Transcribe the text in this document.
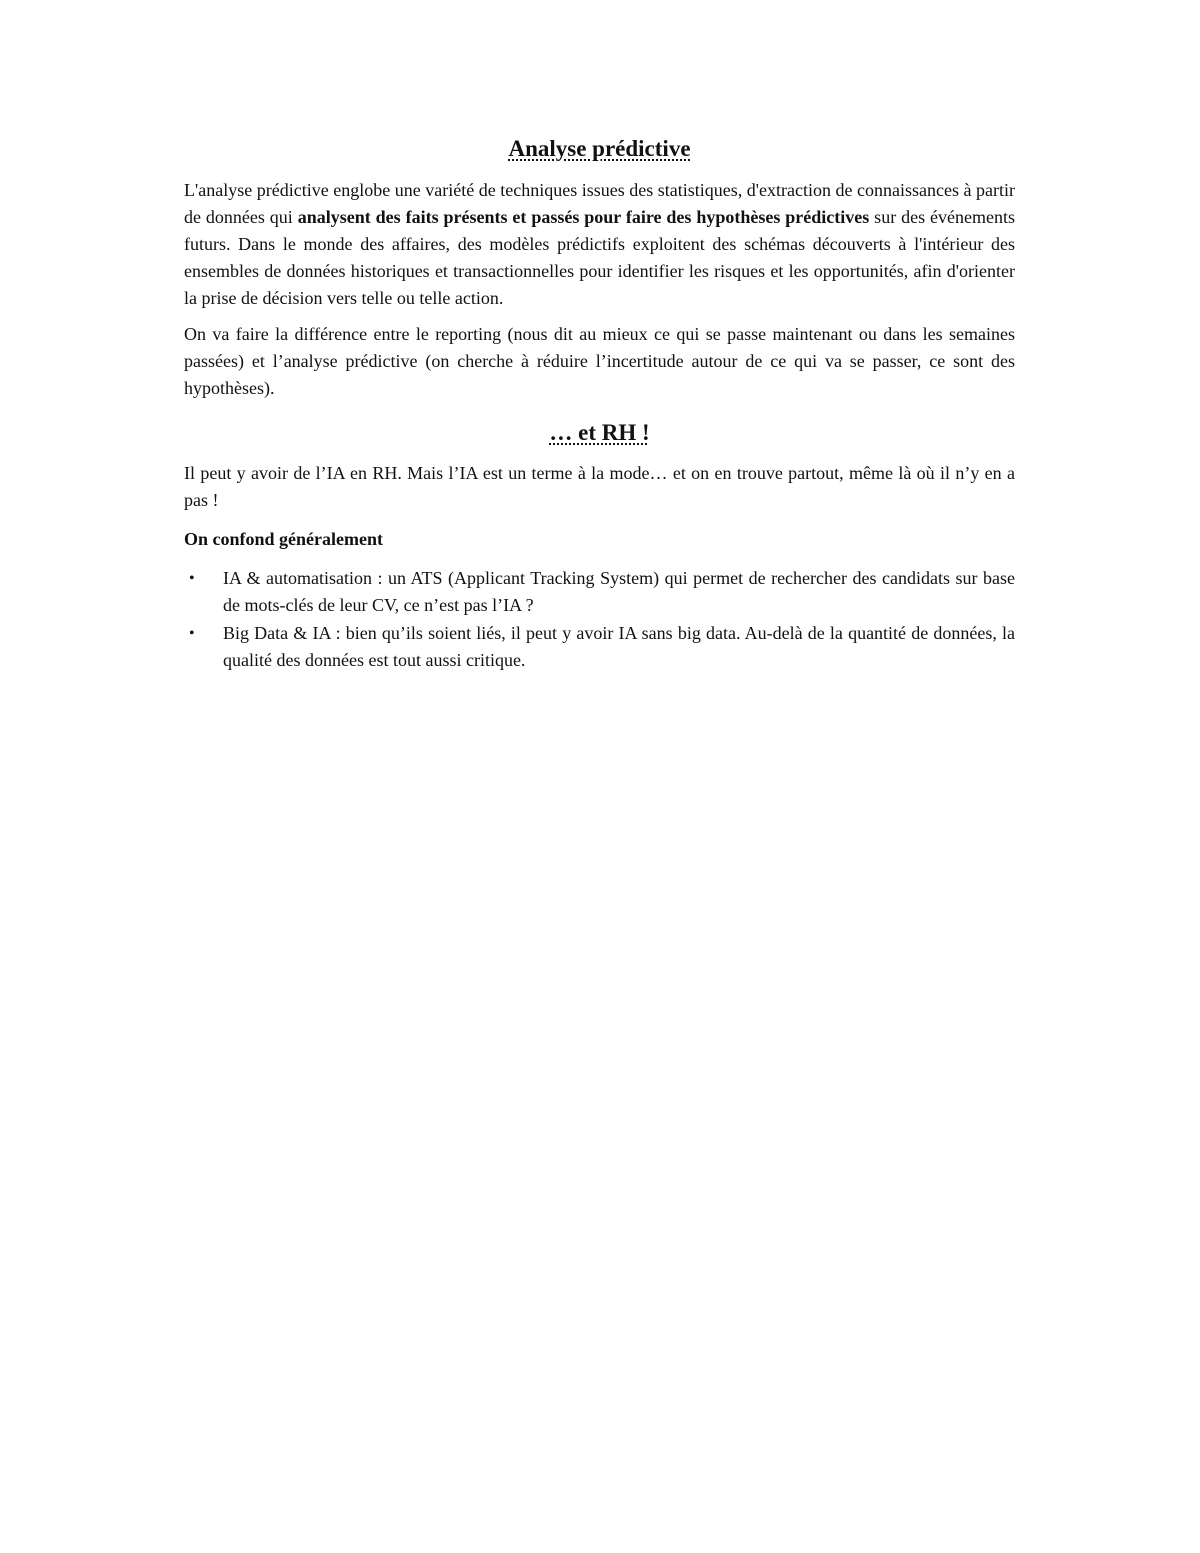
Analyse prédictive

L'analyse prédictive englobe une variété de techniques issues des statistiques, d'extraction de connaissances à partir de données qui analysent des faits présents et passés pour faire des hypothèses prédictives sur des événements futurs. Dans le monde des affaires, des modèles prédictifs exploitent des schémas découverts à l'intérieur des ensembles de données historiques et transactionnelles pour identifier les risques et les opportunités, afin d'orienter la prise de décision vers telle ou telle action.

On va faire la différence entre le reporting (nous dit au mieux ce qui se passe maintenant ou dans les semaines passées) et l’analyse prédictive (on cherche à réduire l’incertitude autour de ce qui va se passer, ce sont des hypothèses).

… et RH !

Il peut y avoir de l’IA en RH. Mais l’IA est un terme à la mode… et on en trouve partout, même là où il n’y en a pas !

On confond généralement
• IA & automatisation : un ATS (Applicant Tracking System) qui permet de rechercher des candidats sur base de mots-clés de leur CV, ce n’est pas l’IA ?
• Big Data & IA : bien qu’ils soient liés, il peut y avoir IA sans big data. Au-delà de la quantité de données, la qualité des données est tout aussi critique.
